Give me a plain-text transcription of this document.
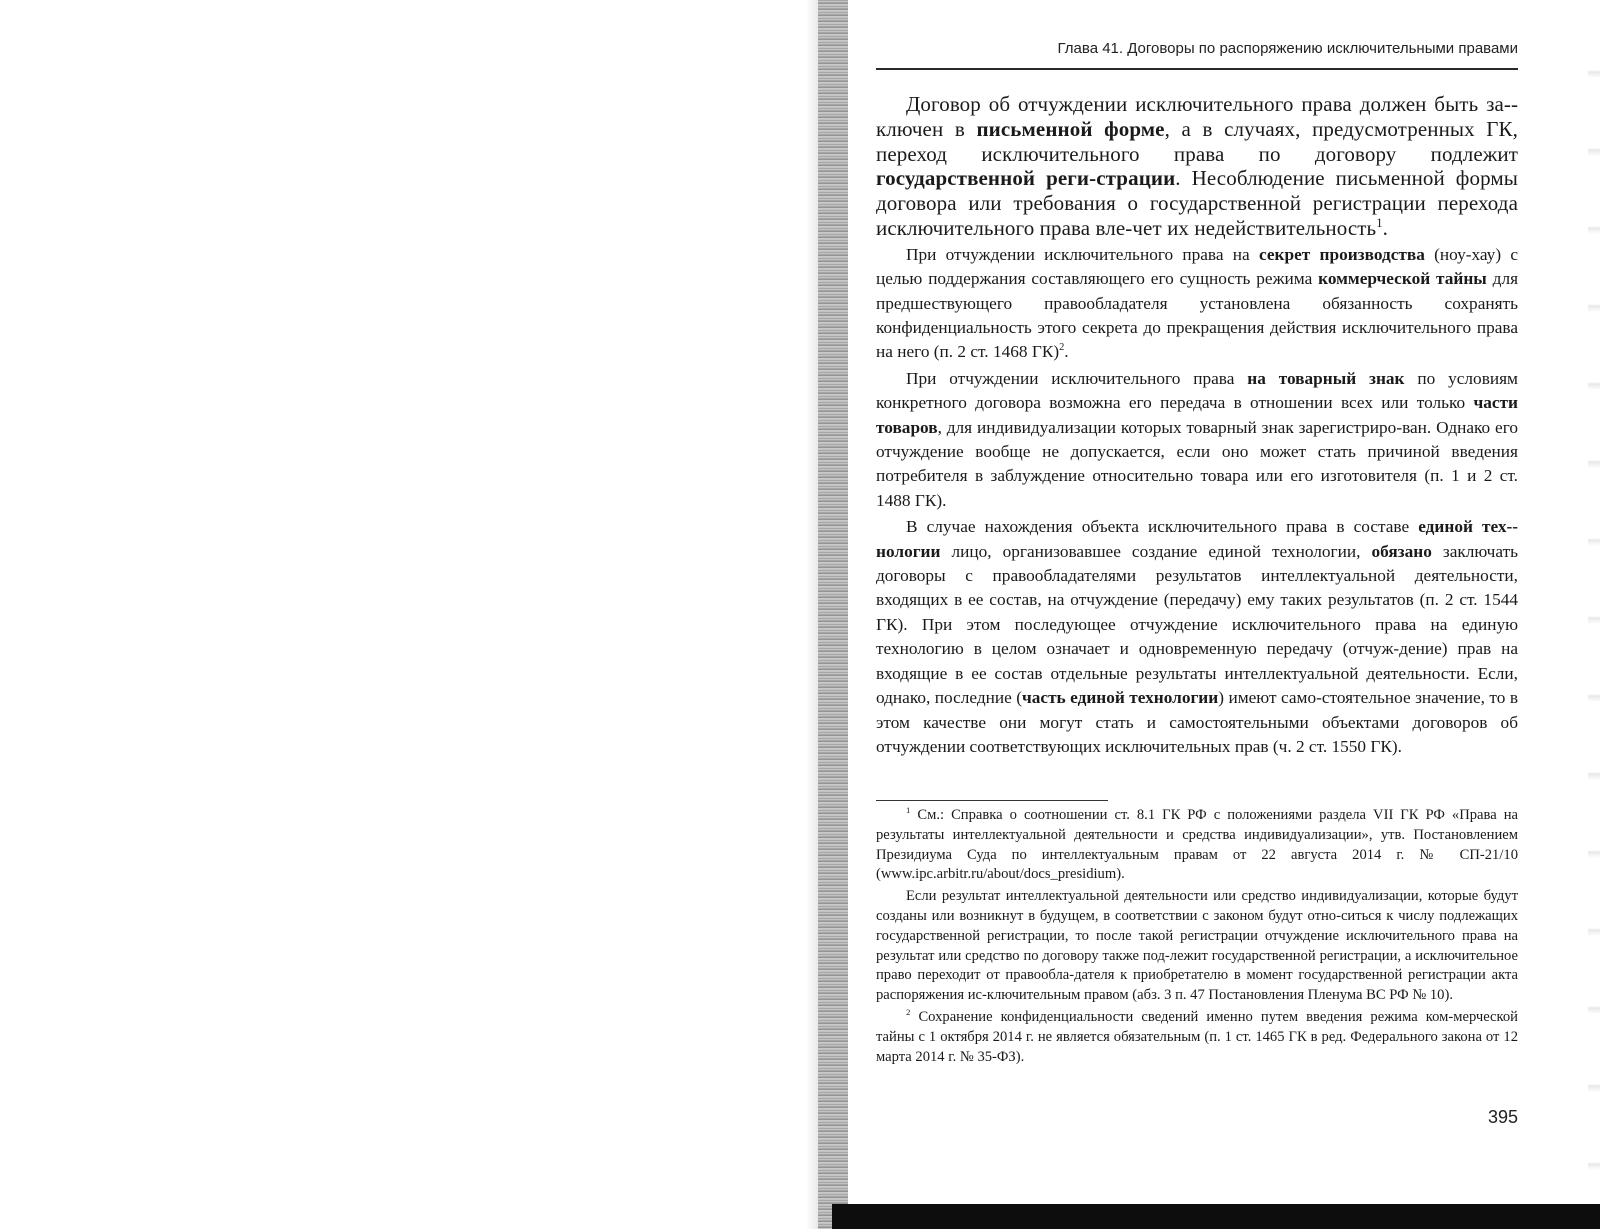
Глава 41. Договоры по распоряжению исключительными правами

Договор об отчуждении исключительного права должен быть за-ключен в письменной форме, а в случаях, предусмотренных ГК, переход исключительного права по договору подлежит государственной реги-страции. Несоблюдение письменной формы договора или требования о государственной регистрации перехода исключительного права вле-чет их недействительность$^1$.

При отчуждении исключительного права на секрет производства (ноу-хау) с целью поддержания составляющего его сущность режима коммерческой тайны для предшествующего правообладателя установлена обязанность сохранять конфиденциальность этого секрета до прекращения действия исключительного права на него (п. 2 ст. 1468 ГК)$^2$.

При отчуждении исключительного права на товарный знак по условиям конкретного договора возможна его передача в отношении всех или только части товаров, для индивидуализации которых товарный знак зарегистриро-ван. Однако его отчуждение вообще не допускается, если оно может стать причиной введения потребителя в заблуждение относительно товара или его изготовителя (п. 1 и 2 ст. 1488 ГК).

В случае нахождения объекта исключительного права в составе единой тех-нологии лицо, организовавшее создание единой технологии, обязано заключать договоры с правообладателями результатов интеллектуальной деятельности, входящих в ее состав, на отчуждение (передачу) ему таких результатов (п. 2 ст. 1544 ГК). При этом последующее отчуждение исключительного права на единую технологию в целом означает и одновременную передачу (отчуж-дение) прав на входящие в ее состав отдельные результаты интеллектуальной деятельности. Если, однако, последние (часть единой технологии) имеют само-стоятельное значение, то в этом качестве они могут стать и самостоятельными объектами договоров об отчуждении соответствующих исключительных прав (ч. 2 ст. 1550 ГК).

$^1$ См.: Справка о соотношении ст. 8.1 ГК РФ с положениями раздела VII ГК РФ «Права на результаты интеллектуальной деятельности и средства индивидуализации», утв. Постановлением Президиума Суда по интеллектуальным правам от 22 августа 2014 г. № СП-21/10 (www.ipc.arbitr.ru/about/docs_presidium).

Если результат интеллектуальной деятельности или средство индивидуализации, которые будут созданы или возникнут в будущем, в соответствии с законом будут отно-ситься к числу подлежащих государственной регистрации, то после такой регистрации отчуждение исключительного права на результат или средство по договору также под-лежит государственной регистрации, а исключительное право переходит от правообла-дателя к приобретателю в момент государственной регистрации акта распоряжения ис-ключительным правом (абз. 3 п. 47 Постановления Пленума ВС РФ № 10).

$^2$ Сохранение конфиденциальности сведений именно путем введения режима ком-мерческой тайны с 1 октября 2014 г. не является обязательным (п. 1 ст. 1465 ГК в ред. Федерального закона от 12 марта 2014 г. № 35-ФЗ).

395
